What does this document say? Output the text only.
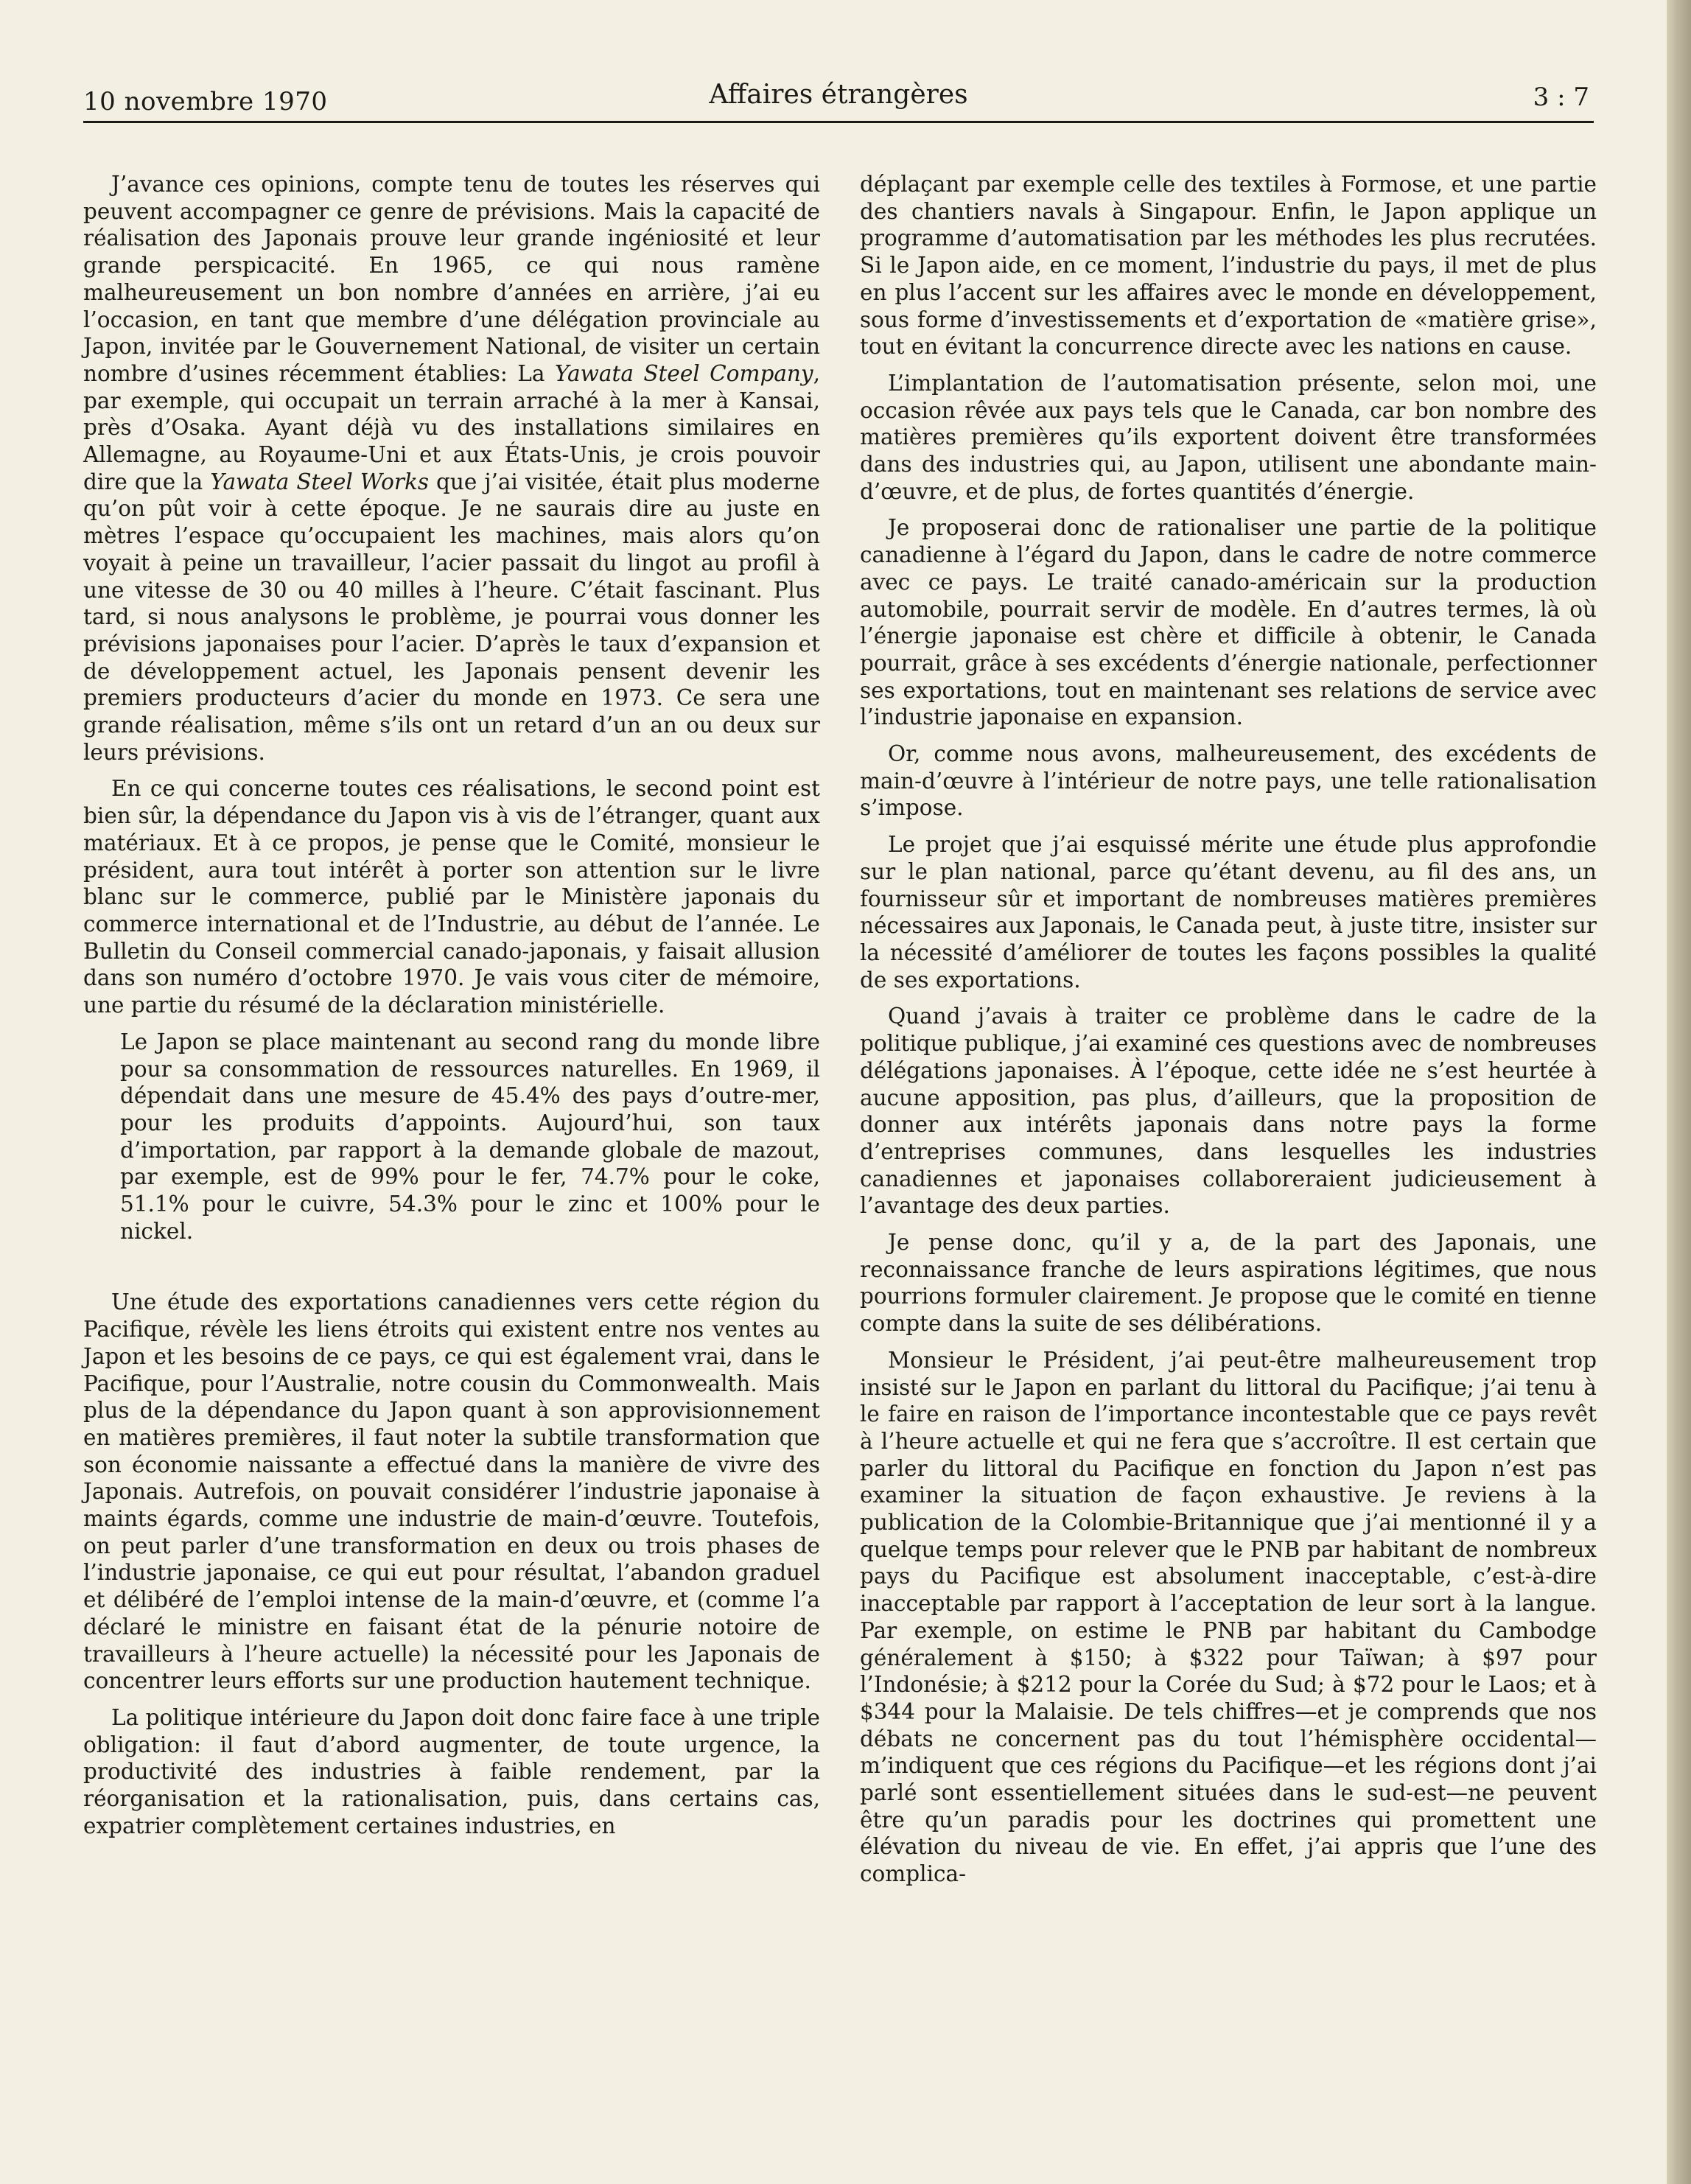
10 novembre 1970	Affaires étrangères	3 : 7

J’avance ces opinions, compte tenu de toutes les réserves qui peuvent accompagner ce genre de prévisions. Mais la capacité de réalisation des Japonais prouve leur grande ingéniosité et leur grande perspicacité. En 1965, ce qui nous ramène malheureusement un bon nombre d’années en arrière, j’ai eu l’occasion, en tant que membre d’une délégation provinciale au Japon, invitée par le Gouvernement National, de visiter un certain nombre d’usines récemment établies: La Yawata Steel Company, par exemple, qui occupait un terrain arraché à la mer à Kansai, près d’Osaka. Ayant déjà vu des installations similaires en Allemagne, au Royaume-Uni et aux États-Unis, je crois pouvoir dire que la Yawata Steel Works que j’ai visitée, était plus moderne qu’on pût voir à cette époque. Je ne saurais dire au juste en mètres l’espace qu’occupaient les machines, mais alors qu’on voyait à peine un travailleur, l’acier passait du lingot au profil à une vitesse de 30 ou 40 milles à l’heure. C’était fascinant. Plus tard, si nous analysons le problème, je pourrai vous donner les prévisions japonaises pour l’acier. D’après le taux d’expansion et de développement actuel, les Japonais pensent devenir les premiers producteurs d’acier du monde en 1973. Ce sera une grande réalisation, même s’ils ont un retard d’un an ou deux sur leurs prévisions.

En ce qui concerne toutes ces réalisations, le second point est bien sûr, la dépendance du Japon vis à vis de l’étranger, quant aux matériaux. Et à ce propos, je pense que le Comité, monsieur le président, aura tout intérêt à porter son attention sur le livre blanc sur le commerce, publié par le Ministère japonais du commerce international et de l’Industrie, au début de l’année. Le Bulletin du Conseil commercial canado-japonais, y faisait allusion dans son numéro d’octobre 1970. Je vais vous citer de mémoire, une partie du résumé de la déclaration ministérielle.

Le Japon se place maintenant au second rang du monde libre pour sa consommation de ressources naturelles. En 1969, il dépendait dans une mesure de 45.4% des pays d’outre-mer, pour les produits d’appoints. Aujourd’hui, son taux d’importation, par rapport à la demande globale de mazout, par exemple, est de 99% pour le fer, 74.7% pour le coke, 51.1% pour le cuivre, 54.3% pour le zinc et 100% pour le nickel.

Une étude des exportations canadiennes vers cette région du Pacifique, révèle les liens étroits qui existent entre nos ventes au Japon et les besoins de ce pays, ce qui est également vrai, dans le Pacifique, pour l’Australie, notre cousin du Commonwealth. Mais plus de la dépendance du Japon quant à son approvisionnement en matières premières, il faut noter la subtile transformation que son économie naissante a effectué dans la manière de vivre des Japonais. Autrefois, on pouvait considérer l’industrie japonaise à maints égards, comme une industrie de main-d’œuvre. Toutefois, on peut parler d’une transformation en deux ou trois phases de l’industrie japonaise, ce qui eut pour résultat, l’abandon graduel et délibéré de l’emploi intense de la main-d’œuvre, et (comme l’a déclaré le ministre en faisant état de la pénurie notoire de travailleurs à l’heure actuelle) la nécessité pour les Japonais de concentrer leurs efforts sur une production hautement technique.

La politique intérieure du Japon doit donc faire face à une triple obligation: il faut d’abord augmenter, de toute urgence, la productivité des industries à faible rendement, par la réorganisation et la rationalisation, puis, dans certains cas, expatrier complètement certaines industries, en

déplaçant par exemple celle des textiles à Formose, et une partie des chantiers navals à Singapour. Enfin, le Japon applique un programme d’automatisation par les méthodes les plus recrutées. Si le Japon aide, en ce moment, l’industrie du pays, il met de plus en plus l’accent sur les affaires avec le monde en développement, sous forme d’investissements et d’exportation de «matière grise», tout en évitant la concurrence directe avec les nations en cause.

L’implantation de l’automatisation présente, selon moi, une occasion rêvée aux pays tels que le Canada, car bon nombre des matières premières qu’ils exportent doivent être transformées dans des industries qui, au Japon, utilisent une abondante main-d’œuvre, et de plus, de fortes quantités d’énergie.

Je proposerai donc de rationaliser une partie de la politique canadienne à l’égard du Japon, dans le cadre de notre commerce avec ce pays. Le traité canado-américain sur la production automobile, pourrait servir de modèle. En d’autres termes, là où l’énergie japonaise est chère et difficile à obtenir, le Canada pourrait, grâce à ses excédents d’énergie nationale, perfectionner ses exportations, tout en maintenant ses relations de service avec l’industrie japonaise en expansion.

Or, comme nous avons, malheureusement, des excédents de main-d’œuvre à l’intérieur de notre pays, une telle rationalisation s’impose.

Le projet que j’ai esquissé mérite une étude plus approfondie sur le plan national, parce qu’étant devenu, au fil des ans, un fournisseur sûr et important de nombreuses matières premières nécessaires aux Japonais, le Canada peut, à juste titre, insister sur la nécessité d’améliorer de toutes les façons possibles la qualité de ses exportations.

Quand j’avais à traiter ce problème dans le cadre de la politique publique, j’ai examiné ces questions avec de nombreuses délégations japonaises. À l’époque, cette idée ne s’est heurtée à aucune apposition, pas plus, d’ailleurs, que la proposition de donner aux intérêts japonais dans notre pays la forme d’entreprises communes, dans lesquelles les industries canadiennes et japonaises collaboreraient judicieusement à l’avantage des deux parties.

Je pense donc, qu’il y a, de la part des Japonais, une reconnaissance franche de leurs aspirations légitimes, que nous pourrions formuler clairement. Je propose que le comité en tienne compte dans la suite de ses délibérations.

Monsieur le Président, j’ai peut-être malheureusement trop insisté sur le Japon en parlant du littoral du Pacifique; j’ai tenu à le faire en raison de l’importance incontestable que ce pays revêt à l’heure actuelle et qui ne fera que s’accroître. Il est certain que parler du littoral du Pacifique en fonction du Japon n’est pas examiner la situation de façon exhaustive. Je reviens à la publication de la Colombie-Britannique que j’ai mentionné il y a quelque temps pour relever que le PNB par habitant de nombreux pays du Pacifique est absolument inacceptable, c’est-à-dire inacceptable par rapport à l’acceptation de leur sort à la langue. Par exemple, on estime le PNB par habitant du Cambodge généralement à $150; à $322 pour Taïwan; à $97 pour l’Indonésie; à $212 pour la Corée du Sud; à $72 pour le Laos; et à $344 pour la Malaisie. De tels chiffres—et je comprends que nos débats ne concernent pas du tout l’hémisphère occidental—m’indiquent que ces régions du Pacifique—et les régions dont j’ai parlé sont essentiellement situées dans le sud-est—ne peuvent être qu’un paradis pour les doctrines qui promettent une élévation du niveau de vie. En effet, j’ai appris que l’une des complica-
